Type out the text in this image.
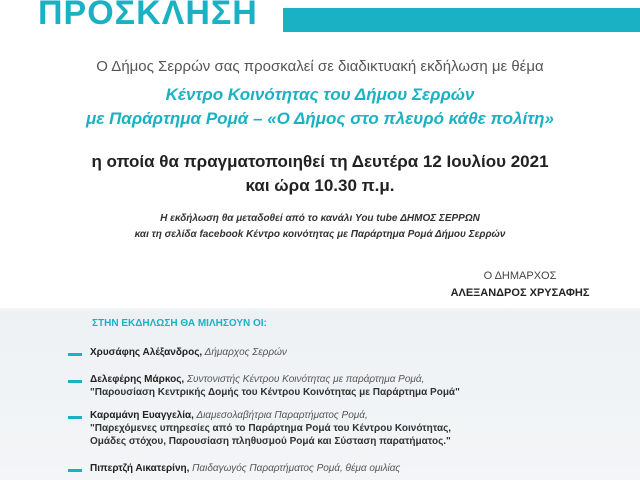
ΠΡΟΣΚΛΗΣΗ
Ο Δήμος Σερρών σας προσκαλεί σε διαδικτυακή εκδήλωση με θέμα
Κέντρο Κοινότητας του Δήμου Σερρών
με Παράρτημα Ρομά – «Ο Δήμος στο πλευρό κάθε πολίτη»
η οποία θα πραγματοποιηθεί τη Δευτέρα 12 Ιουλίου 2021
και ώρα 10.30 π.μ.
Η εκδήλωση θα μεταδοθεί από το κανάλι You tube ΔΗΜΟΣ ΣΕΡΡΩΝ
και τη σελίδα facebook Κέντρο κοινότητας με Παράρτημα Ρομά Δήμου Σερρών
Ο ΔΗΜΑΡΧΟΣ
ΑΛΕΞΑΝΔΡΟΣ ΧΡΥΣΑΦΗΣ
ΣΤΗΝ ΕΚΔΗΛΩΣΗ ΘΑ ΜΙΛΗΣΟΥΝ ΟΙ:
Χρυσάφης Αλέξανδρος, Δήμαρχος Σερρών
Δελεφέρης Μάρκος, Συντονιστής Κέντρου Κοινότητας με παράρτημα Ρομά,
"Παρουσίαση Κεντρικής Δομής του Κέντρου Κοινότητας με Παράρτημα Ρομά"
Καραμάνη Ευαγγελία, Διαμεσολαβήτρια Παραρτήματος Ρομά,
"Παρεχόμενες υπηρεσίες από το Παράρτημα Ρομά του Κέντρου Κοινότητας,
Ομάδες στόχου, Παρουσίαση πληθυσμού Ρομά και Σύσταση παρατήματος."
Πιπερτζή Αικατερίνη, Παιδαγωγός Παραρτήματος Ρομά, θέμα ομιλίας
